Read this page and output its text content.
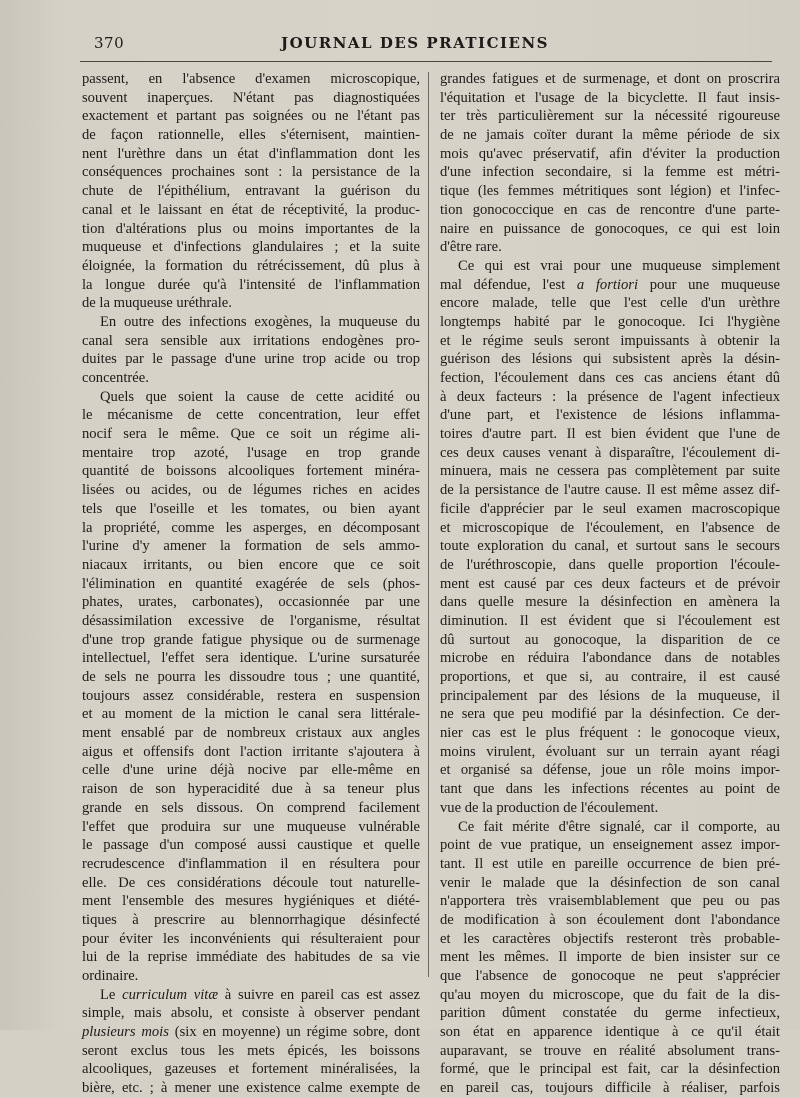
370	JOURNAL DES PRATICIENS
passent, en l'absence d'examen microscopique,
souvent inaperçues. N'étant pas diagnostiquées
exactement et partant pas soignées ou ne l'étant pas
de façon rationnelle, elles s'éternisent, maintien-
nent l'urèthre dans un état d'inflammation dont les
conséquences prochaines sont : la persistance de la
chute de l'épithélium, entravant la guérison du
canal et le laissant en état de réceptivité, la produc-
tion d'altérations plus ou moins importantes de la
muqueuse et d'infections glandulaires ; et la suite
éloignée, la formation du rétrécissement, dû plus à
la longue durée qu'à l'intensité de l'inflammation
de la muqueuse uréthrale.
En outre des infections exogènes, la muqueuse du
canal sera sensible aux irritations endogènes pro-
duites par le passage d'une urine trop acide ou trop
concentrée.
Quels que soient la cause de cette acidité ou
le mécanisme de cette concentration, leur effet
nocif sera le même. Que ce soit un régime ali-
mentaire trop azoté, l'usage en trop grande
quantité de boissons alcooliques fortement minéra-
lisées ou acides, ou de légumes riches en acides
tels que l'oseille et les tomates, ou bien ayant
la propriété, comme les asperges, en décomposant
l'urine d'y amener la formation de sels ammo-
niacaux irritants, ou bien encore que ce soit
l'élimination en quantité exagérée de sels (phos-
phates, urates, carbonates), occasionnée par une
désassimilation excessive de l'organisme, résultat
d'une trop grande fatigue physique ou de surmenage
intellectuel, l'effet sera identique. L'urine sursaturée
de sels ne pourra les dissoudre tous ; une quantité,
toujours assez considérable, restera en suspension
et au moment de la miction le canal sera littérale-
ment ensablé par de nombreux cristaux aux angles
aigus et offensifs dont l'action irritante s'ajoutera à
celle d'une urine déjà nocive par elle-même en
raison de son hyperacidité due à sa teneur plus
grande en sels dissous. On comprend facilement
l'effet que produira sur une muqueuse vulnérable
le passage d'un composé aussi caustique et quelle
recrudescence d'inflammation il en résultera pour
elle. De ces considérations découle tout naturelle-
ment l'ensemble des mesures hygiéniques et diété-
tiques à prescrire au blennorrhagique désinfecté
pour éviter les inconvénients qui résulteraient pour
lui de la reprise immédiate des habitudes de sa vie
ordinaire.
Le curriculum vitæ à suivre en pareil cas est assez
simple, mais absolu, et consiste à observer pendant
plusieurs mois (six en moyenne) un régime sobre, dont
seront exclus tous les mets épicés, les boissons
alcooliques, gazeuses et fortement minéralisées, la
bière, etc. ; à mener une existence calme exempte de
grandes fatigues et de surmenage, et dont on proscrira
l'équitation et l'usage de la bicyclette. Il faut insis-
ter très particulièrement sur la nécessité rigoureuse
de ne jamais coïter durant la même période de six
mois qu'avec préservatif, afin d'éviter la production
d'une infection secondaire, si la femme est métri-
tique (les femmes métritiques sont légion) et l'infec-
tion gonococcique en cas de rencontre d'une parte-
naire en puissance de gonocoques, ce qui est loin
d'être rare.
Ce qui est vrai pour une muqueuse simplement
mal défendue, l'est a fortiori pour une muqueuse
encore malade, telle que l'est celle d'un urèthre
longtemps habité par le gonocoque. Ici l'hygiène
et le régime seuls seront impuissants à obtenir la
guérison des lésions qui subsistent après la désin-
fection, l'écoulement dans ces cas anciens étant dû
à deux facteurs : la présence de l'agent infectieux
d'une part, et l'existence de lésions inflamma-
toires d'autre part. Il est bien évident que l'une de
ces deux causes venant à disparaître, l'écoulement di-
minuera, mais ne cessera pas complètement par suite
de la persistance de l'autre cause. Il est même assez dif-
ficile d'apprécier par le seul examen macroscopique
et microscopique de l'écoulement, en l'absence de
toute exploration du canal, et surtout sans le secours
de l'uréthroscopie, dans quelle proportion l'écoule-
ment est causé par ces deux facteurs et de prévoir
dans quelle mesure la désinfection en amènera la
diminution. Il est évident que si l'écoulement est
dû surtout au gonocoque, la disparition de ce
microbe en réduira l'abondance dans de notables
proportions, et que si, au contraire, il est causé
principalement par des lésions de la muqueuse, il
ne sera que peu modifié par la désinfection. Ce der-
nier cas est le plus fréquent : le gonocoque vieux,
moins virulent, évoluant sur un terrain ayant réagi
et organisé sa défense, joue un rôle moins impor-
tant que dans les infections récentes au point de
vue de la production de l'écoulement.
Ce fait mérite d'être signalé, car il comporte, au
point de vue pratique, un enseignement assez impor-
tant. Il est utile en pareille occurrence de bien pré-
venir le malade que la désinfection de son canal
n'apportera très vraisemblablement que peu ou pas
de modification à son écoulement dont l'abondance
et les caractères objectifs resteront très probable-
ment les mêmes. Il importe de bien insister sur ce
que l'absence de gonocoque ne peut s'apprécier
qu'au moyen du microscope, que du fait de la dis-
parition dûment constatée du germe infectieux,
son état en apparence identique à ce qu'il était
auparavant, se trouve en réalité absolument trans-
formé, que le principal est fait, car la désinfection
en pareil cas, toujours difficile à réaliser, parfois
